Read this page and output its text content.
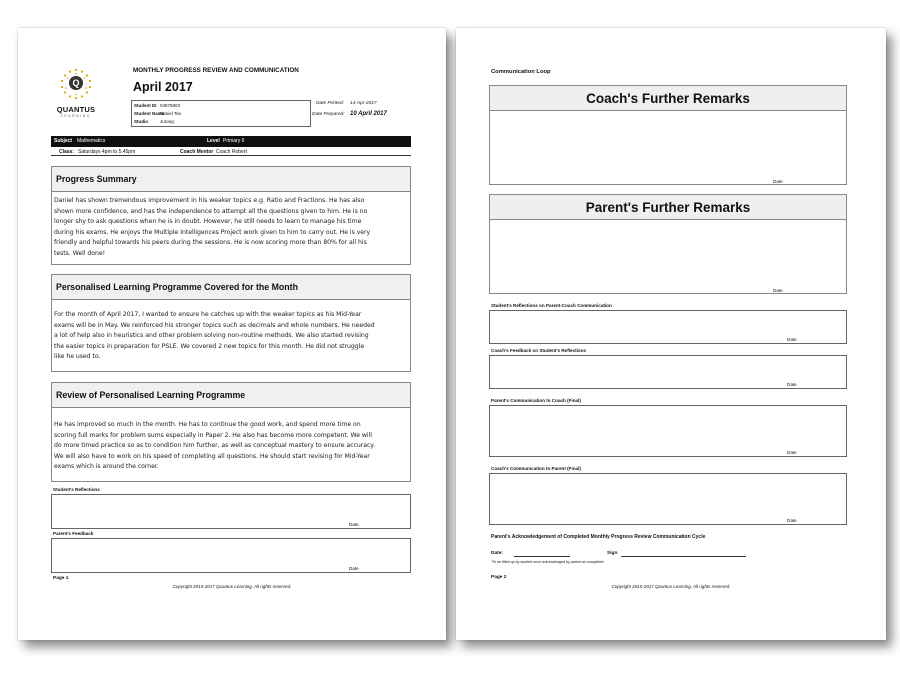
Q
QUANTUS
LEARNING
MONTHLY PROGRESS REVIEW AND COMMUNICATION
April 2017
Student ID 04875903
Student Name
Daniel Tan
Studio	Jurong
Date Printed: 14-Apr-2017
Date Prepared: 10 April 2017
Subject Mathematics	Level Primary 6
Class: Saturdays 4pm to 5.45pm	Coach Mentor Coach Robert
Progress Summary
Daniel has shown tremendous improvement in his weaker topics e.g. Ratio and Fractions. He has also
shown more confidence, and has the independence to attempt all the questions given to him. He is no
longer shy to ask questions when he is in doubt. However, he still needs to learn to manage his time
during his exams. He enjoys the Multiple Intelligences Project work given to him to carry out. He is very
friendly and helpful towards his peers during the sessions. He is now scoring more than 80% for all his
tests. Well done!
Personalised Learning Programme Covered for the Month
For the month of April 2017, I wanted to ensure he catches up with the weaker topics as his Mid-Year
exams will be in May. We reinforced his stronger topics such as decimals and whole numbers. He needed
a lot of help also in heuristics and other problem solving non-routine methods. We also started revising
the easier topics in preparation for PSLE. We covered 2 new topics for this month. He did not struggle
like he used to.
Review of Personalised Learning Programme
He has improved so much in the month. He has to continue the good work, and spend more time on
scoring full marks for problem sums especially in Paper 2. He also has become more competent. We will
do more timed practice so as to condition him further, as well as conceptual mastery to ensure accuracy.
We will also have to work on his speed of completing all questions. He should start revising for Mid-Year
exams which is around the corner.
Student's Reflections
Date
Parent's Feedback
Date
Page 1
Copyright 2015-2017 Quantus Learning. All rights reserved.
Communication Loop
Coach's Further Remarks
Date
Parent's Further Remarks
Date
Student's Reflections on Parent-Coach Communication
Date
Coach's Feedback on Student's Reflections
Date
Parent's Communication to Coach (Final)
Date
Coach's Communication to Parent (Final)
Date
Parent's Acknowledgement of Completed Monthly Progress Review Communication Cycle
Date:	Sign
*To be filled up by student once acknowledged by parent as completed.
Page 2
Copyright 2015-2017 Quantus Learning. All rights reserved.
